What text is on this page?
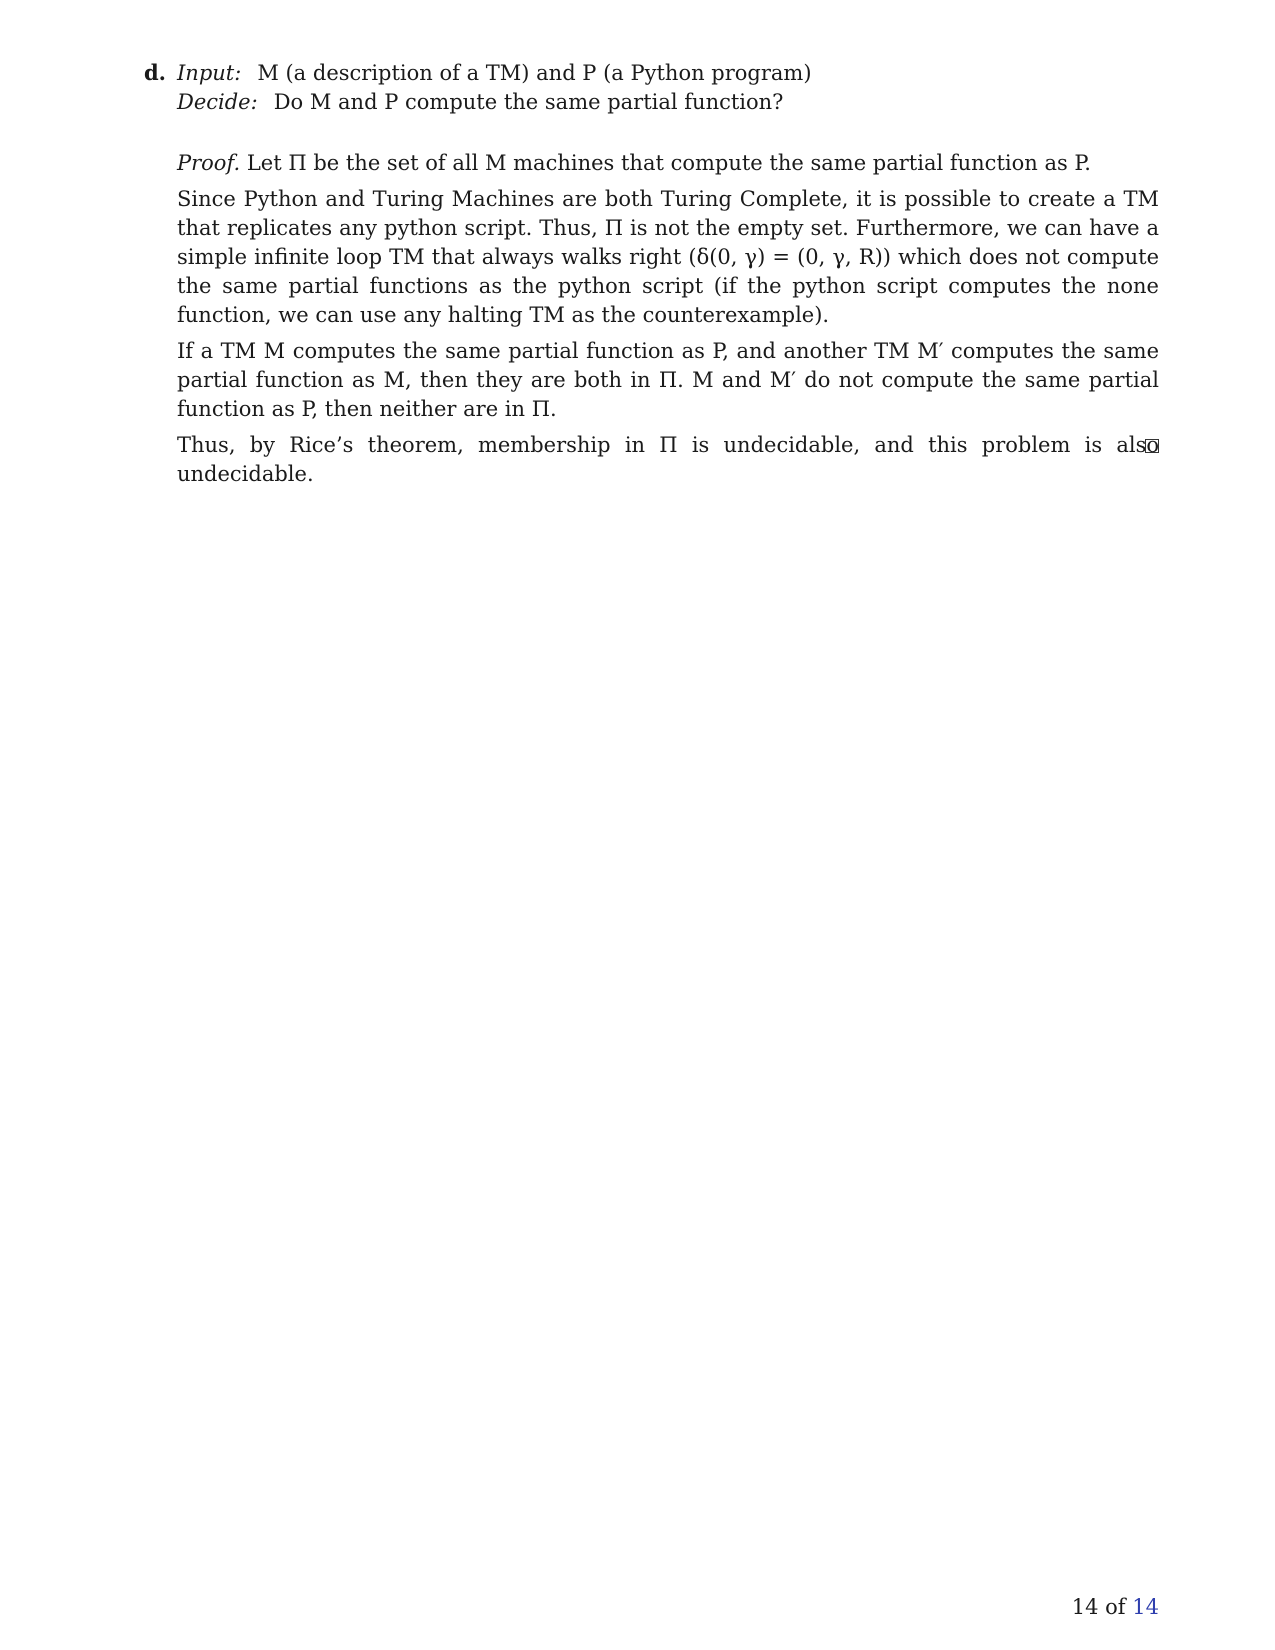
d. Input: M (a description of a TM) and P (a Python program)
Decide: Do M and P compute the same partial function?

Proof. Let Π be the set of all M machines that compute the same partial function as P.

Since Python and Turing Machines are both Turing Complete, it is possible to create a TM that replicates any python script. Thus, Π is not the empty set. Furthermore, we can have a simple infinite loop TM that always walks right (δ(0, γ) = (0, γ, R)) which does not compute the same partial functions as the python script (if the python script computes the none function, we can use any halting TM as the counterexample).

If a TM M computes the same partial function as P, and another TM M′ computes the same partial function as M, then they are both in Π. M and M′ do not compute the same partial function as P, then neither are in Π.

Thus, by Rice’s theorem, membership in Π is undecidable, and this problem is also undecidable.

14 of 14
